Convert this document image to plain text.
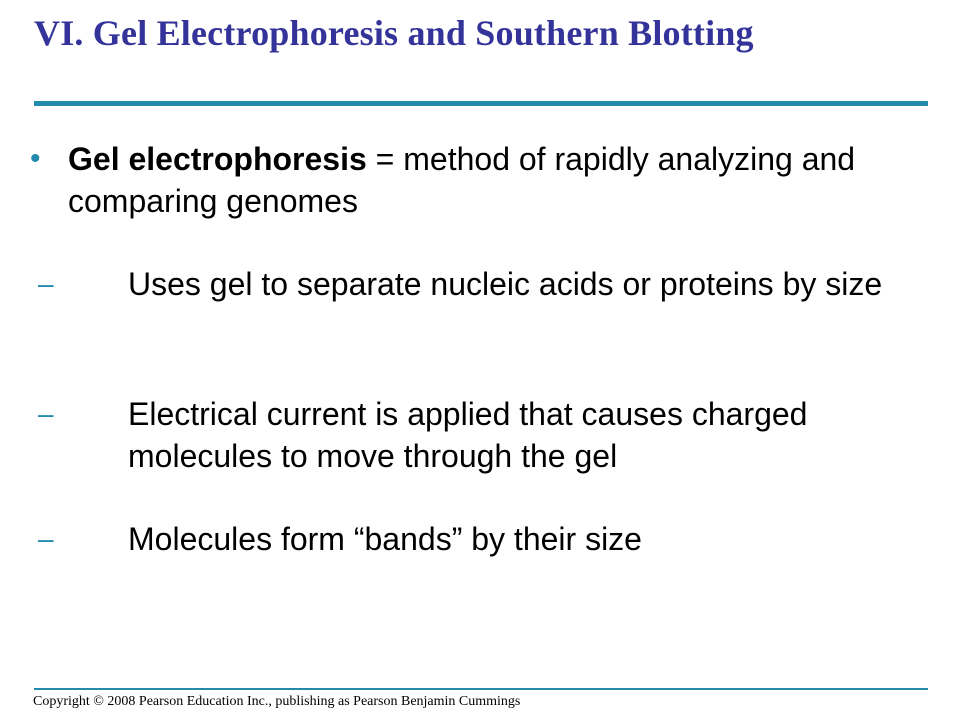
VI. Gel Electrophoresis and Southern Blotting
• Gel electrophoresis = method of rapidly analyzing and comparing genomes
– Uses gel to separate nucleic acids or proteins by size
– Electrical current is applied that causes charged molecules to move through the gel
– Molecules form “bands” by their size
Copyright © 2008 Pearson Education Inc., publishing as Pearson Benjamin Cummings
